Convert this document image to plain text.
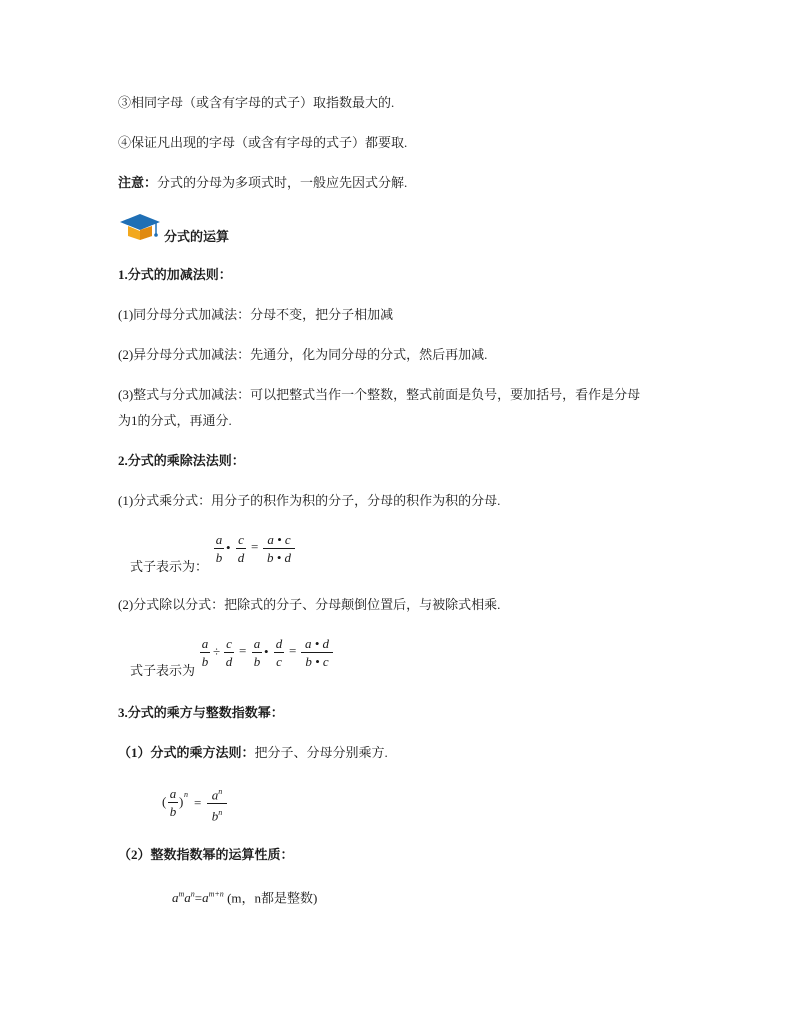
③相同字母（或含有字母的式子）取指数最大的.
④保证凡出现的字母（或含有字母的式子）都要取.
注意：分式的分母为多项式时，一般应先因式分解.
分式的运算
1.分式的加减法则：
(1)同分母分式加减法：分母不变，把分子相加减
(2)异分母分式加减法：先通分，化为同分母的分式，然后再加减.
(3)整式与分式加减法：可以把整式当作一个整数，整式前面是负号，要加括号，看作是分母
为1的分式，再通分.
2.分式的乘除法法则：
(1)分式乘分式：用分子的积作为积的分子，分母的积作为积的分母.
式子表示为：
a
b
•
c
d
= a • c
b • d
(2)分式除以分式：把除式的分子、分母颠倒位置后，与被除式相乘.
式子表示为
a
b
÷
c
d
= a
b
•
d
c
= a • d
b • c
3.分式的乘方与整数指数幂：
（1）分式的乘方法则：把分子、分母分别乘方.
(
a
b
) n
=
$a^n$
$b^n$
（2）整数指数幂的运算性质：
$a^ma^n=a^{m+n}$ (m，n都是整数)
